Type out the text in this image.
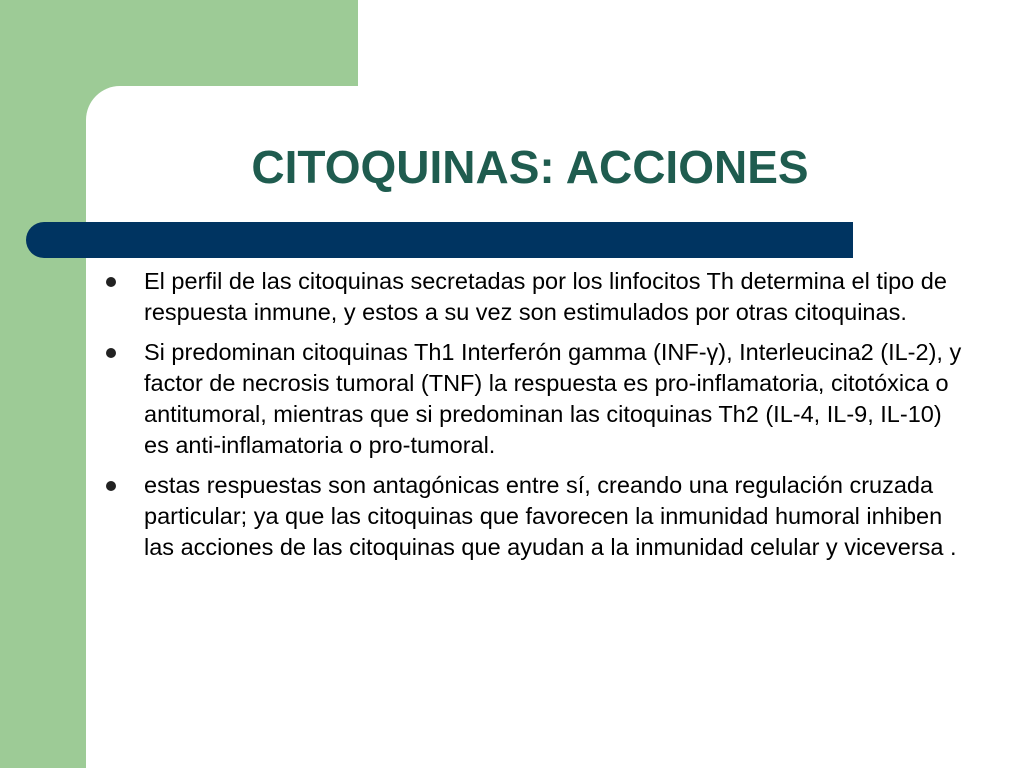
CITOQUINAS: ACCIONES
El perfil de las citoquinas secretadas por los linfocitos Th determina el tipo de respuesta inmune, y estos a su vez son estimulados por otras citoquinas.
Si predominan citoquinas Th1 Interferón gamma (INF-γ), Interleucina2 (IL-2), y factor de necrosis tumoral (TNF) la respuesta es pro-inflamatoria, citotóxica o antitumoral, mientras que si predominan las citoquinas Th2 (IL-4, IL-9, IL-10) es anti-inflamatoria o pro-tumoral.
estas respuestas son antagónicas entre sí, creando una regulación cruzada particular; ya que las citoquinas que favorecen la inmunidad humoral inhiben las acciones de las citoquinas que ayudan a la inmunidad celular y viceversa .
